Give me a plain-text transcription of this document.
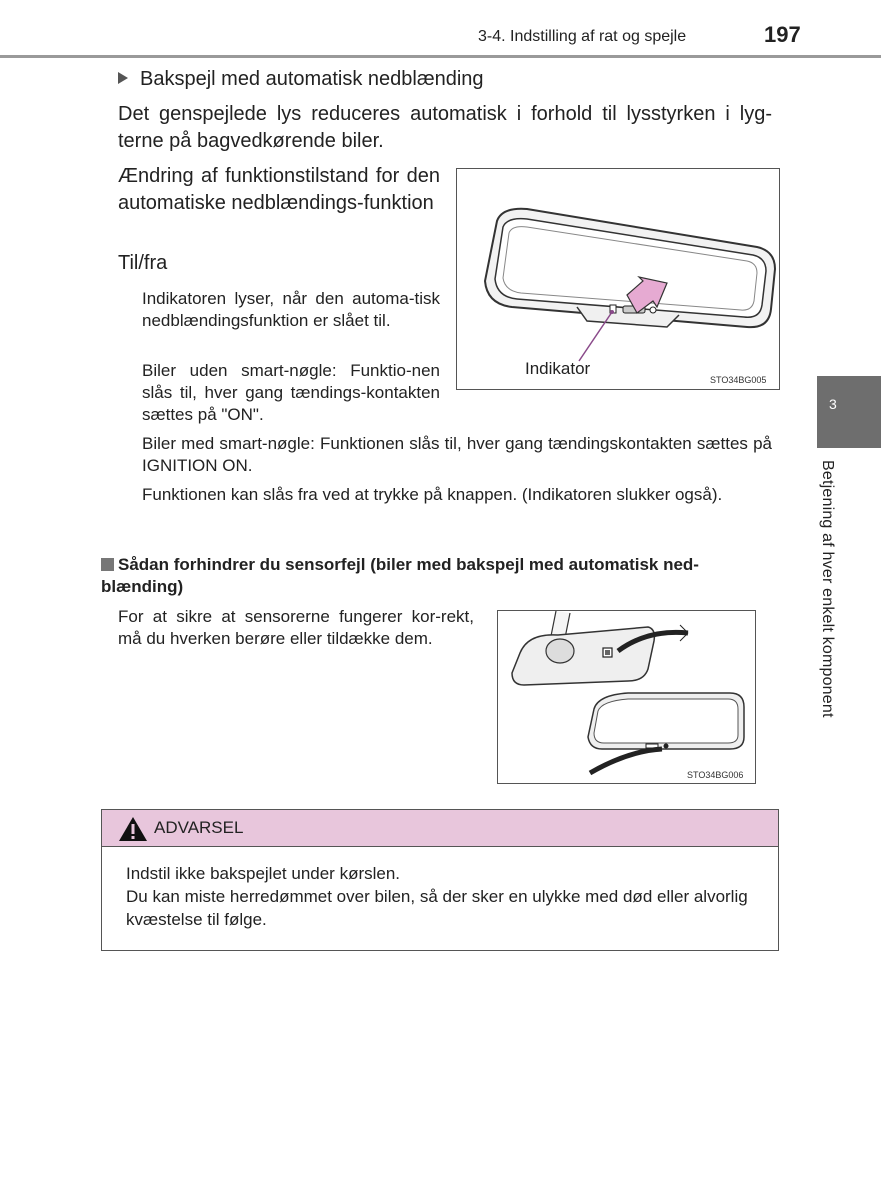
3-4. Indstilling af rat og spejle	197
3
Betjening af hver enkelt komponent
Bakspejl med automatisk nedblænding
Det genspejlede lys reduceres automatisk i forhold til lysstyrken i lyg-terne på bagvedkørende biler.
Ændring af funktionstilstand for den automatiske nedblændings-funktion
Til/fra
Indikatoren lyser, når den automa-tisk nedblændingsfunktion er slået til.
Biler uden smart-nøgle: Funktio-nen slås til, hver gang tændings-kontakten sættes på "ON".
Biler med smart-nøgle: Funktionen slås til, hver gang tændingskontakten sættes på IGNITION ON.
Funktionen kan slås fra ved at trykke på knappen. (Indikatoren slukker også).
Indikator
STO34BG005
Sådan forhindrer du sensorfejl (biler med bakspejl med automatisk ned-blænding)
For at sikre at sensorerne fungerer kor-rekt, må du hverken berøre eller tildække dem.
STO34BG006
ADVARSEL
Indstil ikke bakspejlet under kørslen.
Du kan miste herredømmet over bilen, så der sker en ulykke med død eller alvorlig kvæstelse til følge.
